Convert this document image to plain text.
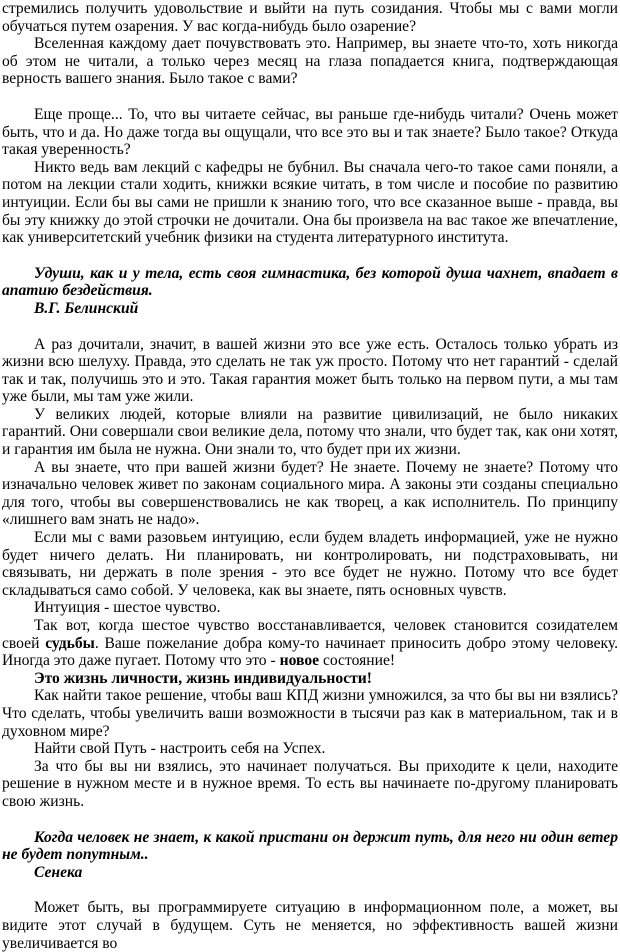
стремились получить удовольствие и выйти на путь созидания. Чтобы мы с вами могли обучаться путем озарения. У вас когда-нибудь было озарение?

Вселенная каждому дает почувствовать это. Например, вы знаете что-то, хоть никогда об этом не читали, а только через месяц на глаза попадается книга, подтверждающая верность вашего знания. Было такое с вами?

Еще проще... То, что вы читаете сейчас, вы раньше где-нибудь читали? Очень может быть, что и да. Но даже тогда вы ощущали, что все это вы и так знаете? Было такое? Откуда такая уверенность?

Никто ведь вам лекций с кафедры не бубнил. Вы сначала чего-то такое сами поняли, а потом на лекции стали ходить, книжки всякие читать, в том числе и пособие по развитию интуиции. Если бы вы сами не пришли к знанию того, что все сказанное выше - правда, вы бы эту книжку до этой строчки не дочитали. Она бы произвела на вас такое же впечатление, как университетский учебник физики на студента литературного института.

Удуши, как и у тела, есть своя гимнастика, без которой душа чахнет, впадает в апатию бездействия.

В.Г. Белинский

А раз дочитали, значит, в вашей жизни это все уже есть. Осталось только убрать из жизни всю шелуху. Правда, это сделать не так уж просто. Потому что нет гарантий - сделай так и так, получишь это и это. Такая гарантия может быть только на первом пути, а мы там уже были, мы там уже жили.

У великих людей, которые влияли на развитие цивилизаций, не было никаких гарантий. Они совершали свои великие дела, потому что знали, что будет так, как они хотят, и гарантия им была не нужна. Они знали то, что будет при их жизни.

А вы знаете, что при вашей жизни будет? Не знаете. Почему не знаете? Потому что изначально человек живет по законам социального мира. А законы эти созданы специально для того, чтобы вы совершенствовались не как творец, а как исполнитель. По принципу «лишнего вам знать не надо».

Если мы с вами разовьем интуицию, если будем владеть информацией, уже не нужно будет ничего делать. Ни планировать, ни контролировать, ни подстраховывать, ни связывать, ни держать в поле зрения - это все будет не нужно. Потому что все будет складываться само собой. У человека, как вы знаете, пять основных чувств.

Интуиция - шестое чувство.

Так вот, когда шестое чувство восстанавливается, человек становится созидателем своей судьбы. Ваше пожелание добра кому-то начинает приносить добро этому человеку. Иногда это даже пугает. Потому что это - новое состояние!

Это жизнь личности, жизнь индивидуальности!

Как найти такое решение, чтобы ваш КПД жизни умножился, за что бы вы ни взялись? Что сделать, чтобы увеличить ваши возможности в тысячи раз как в материальном, так и в духовном мире?

Найти свой Путь - настроить себя на Успех.

За что бы вы ни взялись, это начинает получаться. Вы приходите к цели, находите решение в нужном месте и в нужное время. То есть вы начинаете по-другому планировать свою жизнь.

Когда человек не знает, к какой пристани он держит путь, для него ни один ветер не будет попутным..

Сенека

Может быть, вы программируете ситуацию в информационном поле, а может, вы видите этот случай в будущем. Суть не меняется, но эффективность вашей жизни увеличивается во
